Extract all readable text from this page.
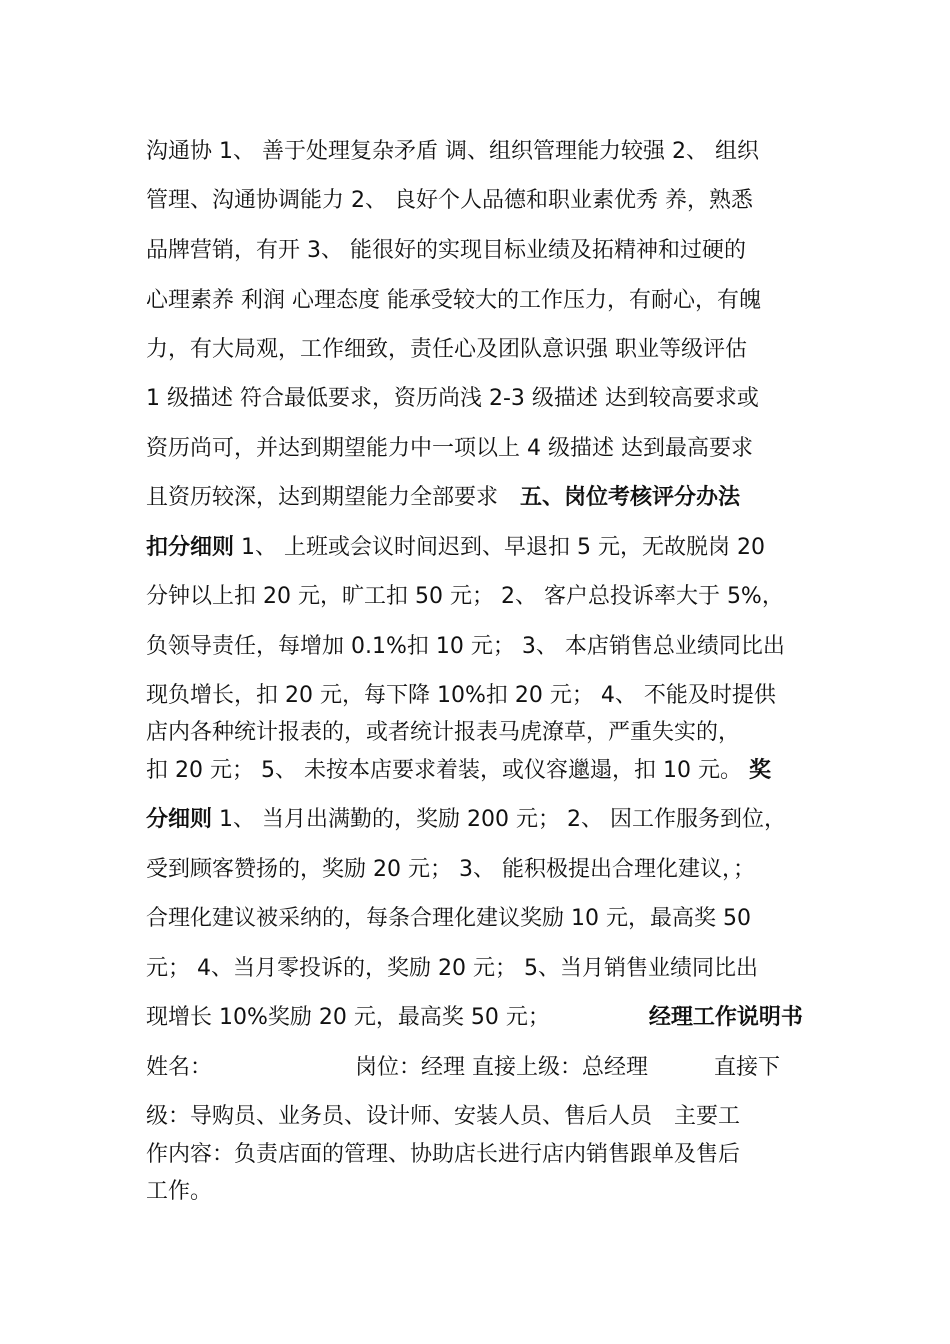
沟通协 1、 善于处理复杂矛盾 调、组织管理能力较强 2、 组织
管理、沟通协调能力 2、 良好个人品德和职业素优秀 养，熟悉
品牌营销，有开 3、 能很好的实现目标业绩及拓精神和过硬的
心理素养 利润 心理态度 能承受较大的工作压力，有耐心，有魄
力，有大局观，工作细致，责任心及团队意识强 职业等级评估
1 级描述 符合最低要求，资历尚浅 2-3 级描述 达到较高要求或
资历尚可，并达到期望能力中一项以上 4 级描述 达到最高要求
且资历较深，达到期望能力全部要求　五、岗位考核评分办法
扣分细则 1、 上班或会议时间迟到、早退扣 5 元，无故脱岗 20
分钟以上扣 20 元，旷工扣 50 元； 2、 客户总投诉率大于 5%，
负领导责任，每增加 0.1%扣 10 元； 3、 本店销售总业绩同比出
现负增长，扣 20 元，每下降 10%扣 20 元； 4、 不能及时提供
店内各种统计报表的，或者统计报表马虎潦草，严重失实的，
扣 20 元； 5、 未按本店要求着装，或仪容邋遢，扣 10 元。 奖
分细则 1、 当月出满勤的，奖励 200 元； 2、 因工作服务到位，
受到顾客赞扬的，奖励 20 元； 3、 能积极提出合理化建议，；
合理化建议被采纳的，每条合理化建议奖励 10 元，最高奖 50
元； 4、当月零投诉的，奖励 20 元； 5、当月销售业绩同比出
现增长 10%奖励 20 元，最高奖 50 元；　　　　　经理工作说明书
姓名：　　　　　　　岗位：经理 直接上级：总经理　　　直接下
级：导购员、业务员、设计师、安装人员、售后人员　主要工
作内容：负责店面的管理、协助店长进行店内销售跟单及售后
工作。
